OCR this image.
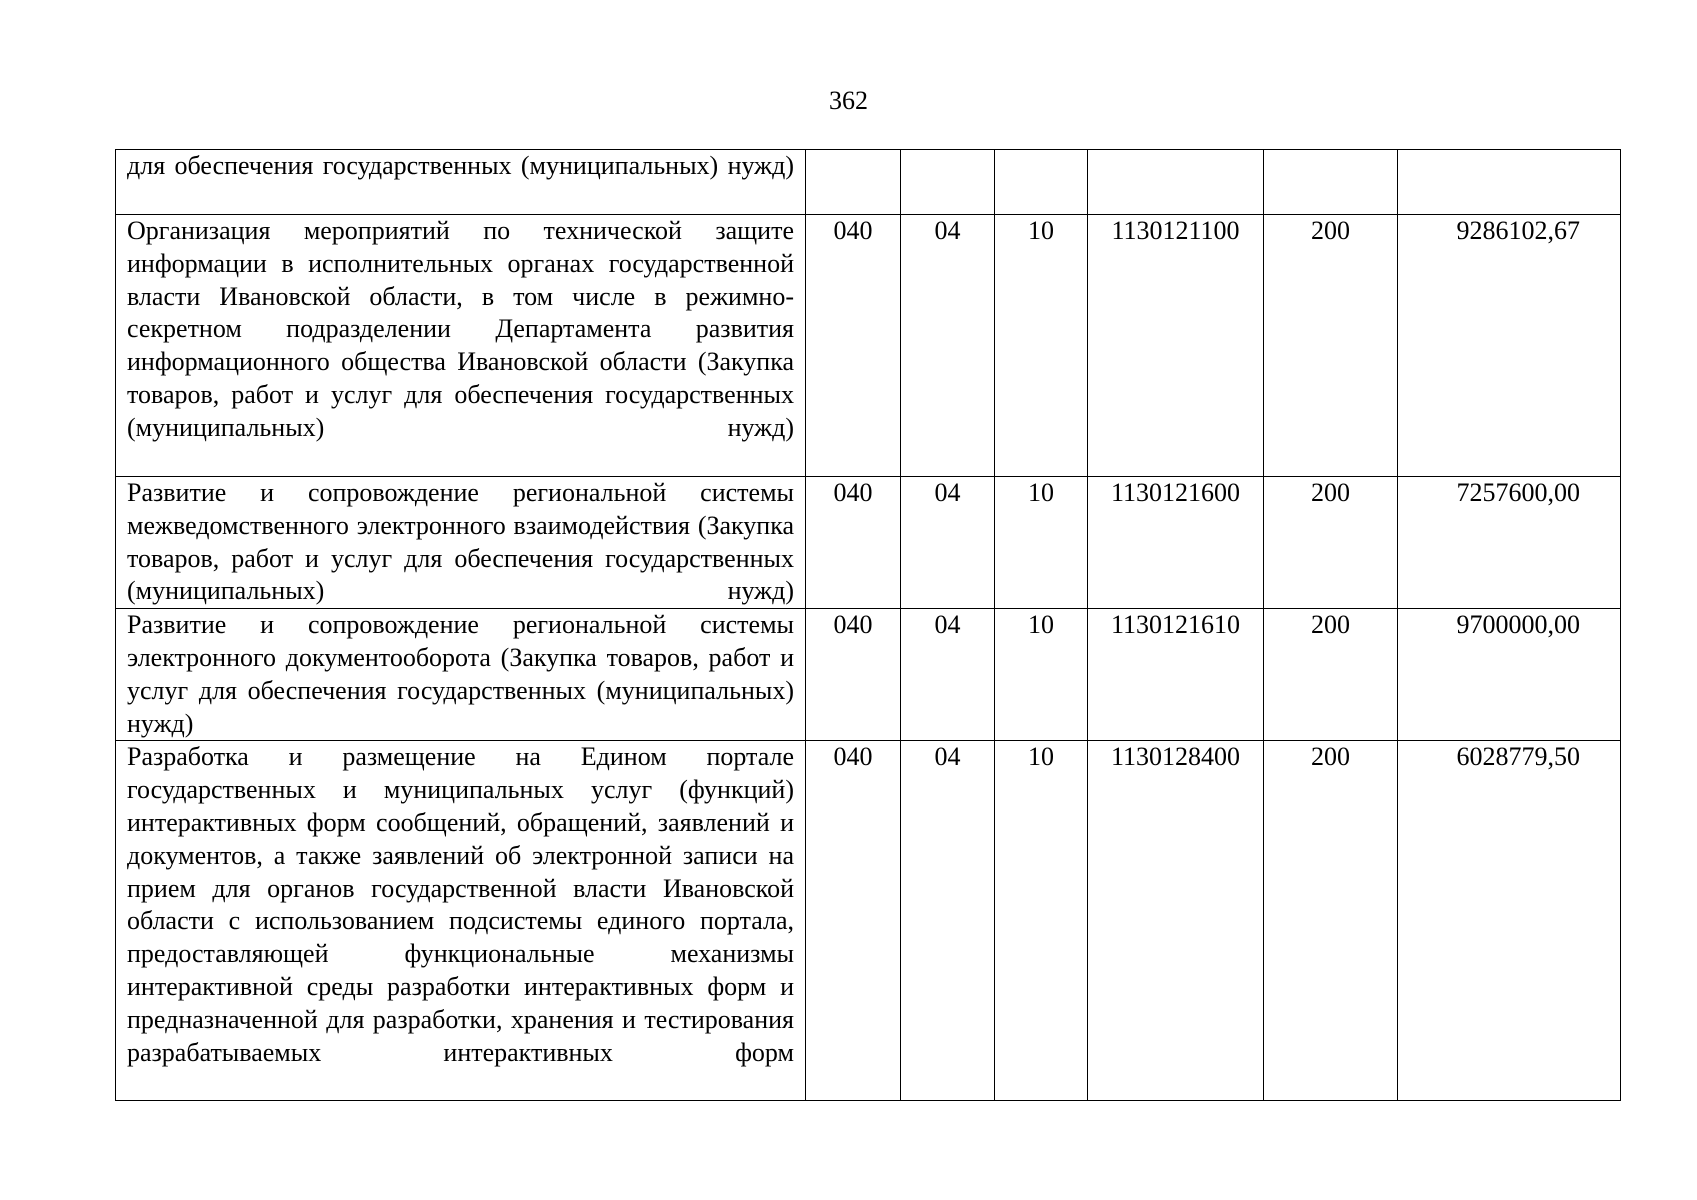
362
для обеспечения государственных (муниципальных) нужд)						

Организация мероприятий по технической защите информации в исполнительных органах государственной власти Ивановской области, в том числе в режимно-секретном подразделении Департамента развития информационного общества Ивановской области (Закупка товаров, работ и услуг для обеспечения государственных (муниципальных) нужд)	040	04	10	1130121100	200	9286102,67

Развитие и сопровождение региональной системы межведомственного электронного взаимодействия (Закупка товаров, работ и услуг для обеспечения государственных (муниципальных) нужд)	040	04	10	1130121600	200	7257600,00

Развитие и сопровождение региональной системы электронного документооборота (Закупка товаров, работ и услуг для обеспечения государственных (муниципальных) нужд)	040	04	10	1130121610	200	9700000,00

Разработка и размещение на Едином портале государственных и муниципальных услуг (функций) интерактивных форм сообщений, обращений, заявлений и документов, а также заявлений об электронной записи на прием для органов государственной власти Ивановской области с использованием подсистемы единого портала, предоставляющей функциональные механизмы интерактивной среды разработки интерактивных форм и предназначенной для разработки, хранения и тестирования разрабатываемых интерактивных форм	040	04	10	1130128400	200	6028779,50
